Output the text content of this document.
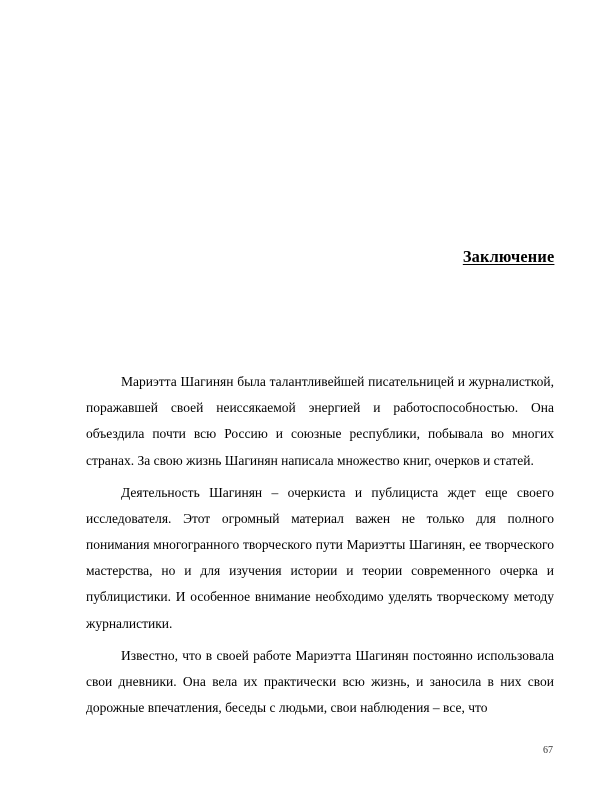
Заключение

Мариэтта Шагинян была талантливейшей писательницей и журналисткой, поражавшей своей неиссякаемой энергией и работоспособностью. Она объездила почти всю Россию и союзные республики, побывала во многих странах. За свою жизнь Шагинян написала множество книг, очерков и статей.

Деятельность Шагинян – очеркиста и публициста ждет еще своего исследователя. Этот огромный материал важен не только для полного понимания многогранного творческого пути Мариэтты Шагинян, ее творческого мастерства, но и для изучения истории и теории современного очерка и публицистики. И особенное внимание необходимо уделять творческому методу журналистики.

Известно, что в своей работе Мариэтта Шагинян постоянно использовала свои дневники. Она вела их практически всю жизнь, и заносила в них свои дорожные впечатления, беседы с людьми, свои наблюдения – все, что

67
